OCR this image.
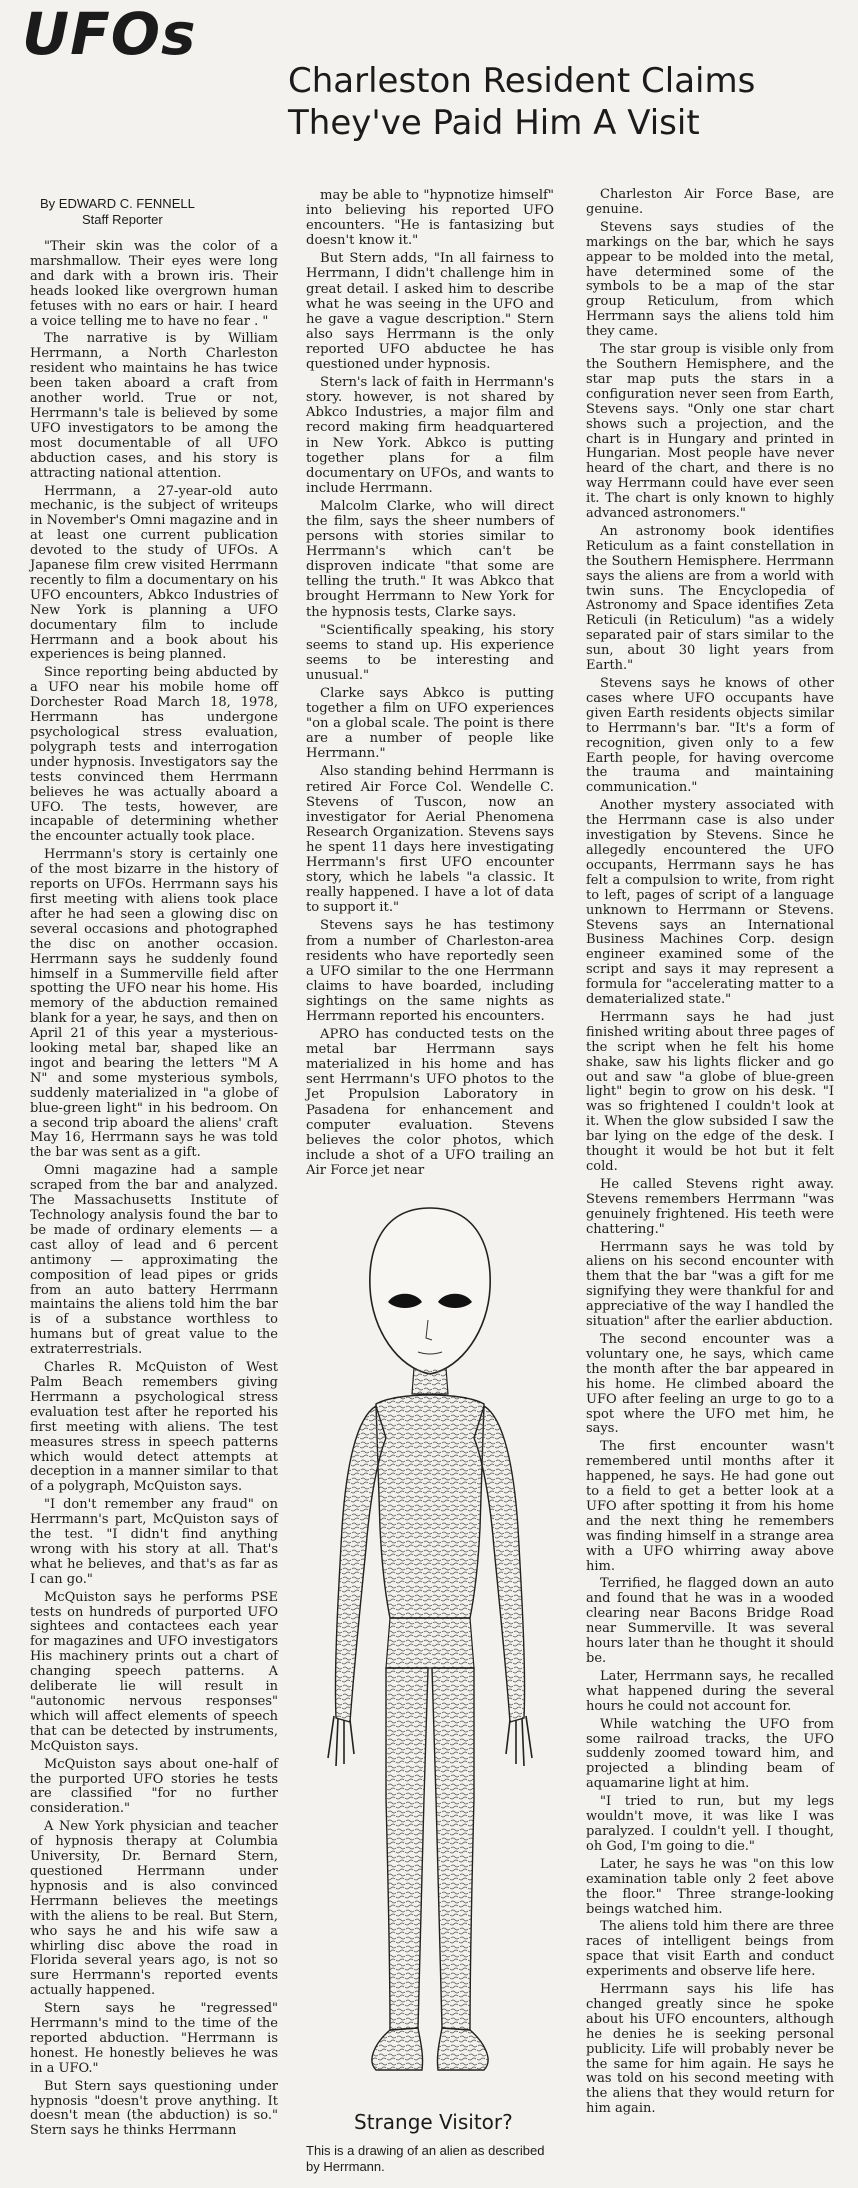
UFOs
Charleston Resident Claims
They've Paid Him A Visit
By EDWARD C. FENNELL
Staff Reporter

"Their skin was the color of a marshmallow. Their eyes were long and dark with a brown iris. Their heads looked like overgrown human fetuses with no ears or hair. I heard a voice telling me to have no fear . "

The narrative is by William Herrmann, a North Charleston resident who maintains he has twice been taken aboard a craft from another world. True or not, Herrmann's tale is believed by some UFO investigators to be among the most documentable of all UFO abduction cases, and his story is attracting national attention.

Herrmann, a 27-year-old auto mechanic, is the subject of writeups in November's Omni magazine and in at least one current publication devoted to the study of UFOs. A Japanese film crew visited Herrmann recently to film a documentary on his UFO encounters, Abkco Industries of New York is planning a UFO documentary film to include Herrmann and a book about his experiences is being planned.

Since reporting being abducted by a UFO near his mobile home off Dorchester Road March 18, 1978, Herrmann has undergone psychological stress evaluation, polygraph tests and interrogation under hypnosis. Investigators say the tests convinced them Herrmann believes he was actually aboard a UFO. The tests, however, are incapable of determining whether the encounter actually took place.

Herrmann's story is certainly one of the most bizarre in the history of reports on UFOs. Herrmann says his first meeting with aliens took place after he had seen a glowing disc on several occasions and photographed the disc on another occasion. Herrmann says he suddenly found himself in a Summerville field after spotting the UFO near his home. His memory of the abduction remained blank for a year, he says, and then on April 21 of this year a mysterious-looking metal bar, shaped like an ingot and bearing the letters "M A N" and some mysterious symbols, suddenly materialized in "a globe of blue-green light" in his bedroom. On a second trip aboard the aliens' craft May 16, Herrmann says he was told the bar was sent as a gift.

Omni magazine had a sample scraped from the bar and analyzed. The Massachusetts Institute of Technology analysis found the bar to be made of ordinary elements — a cast alloy of lead and 6 percent antimony — approximating the composition of lead pipes or grids from an auto battery Herrmann maintains the aliens told him the bar is of a substance worthless to humans but of great value to the extraterrestrials.

Charles R. McQuiston of West Palm Beach remembers giving Herrmann a psychological stress evaluation test after he reported his first meeting with aliens. The test measures stress in speech patterns which would detect attempts at deception in a manner similar to that of a polygraph, McQuiston says.

"I don't remember any fraud" on Herrmann's part, McQuiston says of the test. "I didn't find anything wrong with his story at all. That's what he believes, and that's as far as I can go."

McQuiston says he performs PSE tests on hundreds of purported UFO sightees and contactees each year for magazines and UFO investigators His machinery prints out a chart of changing speech patterns. A deliberate lie will result in "autonomic nervous responses" which will affect elements of speech that can be detected by instruments, McQuiston says.

McQuiston says about one-half of the purported UFO stories he tests are classified "for no further consideration."

A New York physician and teacher of hypnosis therapy at Columbia University, Dr. Bernard Stern, questioned Herrmann under hypnosis and is also convinced Herrmann believes the meetings with the aliens to be real. But Stern, who says he and his wife saw a whirling disc above the road in Florida several years ago, is not so sure Herrmann's reported events actually happened.

Stern says he "regressed" Herrmann's mind to the time of the reported abduction. "Herrmann is honest. He honestly believes he was in a UFO."

But Stern says questioning under hypnosis "doesn't prove anything. It doesn't mean (the abduction) is so." Stern says he thinks Herrmann

may be able to "hypnotize himself" into believing his reported UFO encounters. "He is fantasizing but doesn't know it."

But Stern adds, "In all fairness to Herrmann, I didn't challenge him in great detail. I asked him to describe what he was seeing in the UFO and he gave a vague description." Stern also says Herrmann is the only reported UFO abductee he has questioned under hypnosis.

Stern's lack of faith in Herrmann's story. however, is not shared by Abkco Industries, a major film and record making firm headquartered in New York. Abkco is putting together plans for a film documentary on UFOs, and wants to include Herrmann.

Malcolm Clarke, who will direct the film, says the sheer numbers of persons with stories similar to Herrmann's which can't be disproven indicate "that some are telling the truth." It was Abkco that brought Herrmann to New York for the hypnosis tests, Clarke says.

"Scientifically speaking, his story seems to stand up. His experience seems to be interesting and unusual."

Clarke says Abkco is putting together a film on UFO experiences "on a global scale. The point is there are a number of people like Herrmann."

Also standing behind Herrmann is retired Air Force Col. Wendelle C. Stevens of Tuscon, now an investigator for Aerial Phenomena Research Organization. Stevens says he spent 11 days here investigating Herrmann's first UFO encounter story, which he labels "a classic. It really happened. I have a lot of data to support it."

Stevens says he has testimony from a number of Charleston-area residents who have reportedly seen a UFO similar to the one Herrmann claims to have boarded, including sightings on the same nights as Herrmann reported his encounters.

APRO has conducted tests on the metal bar Herrmann says materialized in his home and has sent Herrmann's UFO photos to the Jet Propulsion Laboratory in Pasadena for enhancement and computer evaluation. Stevens believes the color photos, which include a shot of a UFO trailing an Air Force jet near

Charleston Air Force Base, are genuine.

Stevens says studies of the markings on the bar, which he says appear to be molded into the metal, have determined some of the symbols to be a map of the star group Reticulum, from which Herrmann says the aliens told him they came.

The star group is visible only from the Southern Hemisphere, and the star map puts the stars in a configuration never seen from Earth, Stevens says. "Only one star chart shows such a projection, and the chart is in Hungary and printed in Hungarian. Most people have never heard of the chart, and there is no way Herrmann could have ever seen it. The chart is only known to highly advanced astronomers."

An astronomy book identifies Reticulum as a faint constellation in the Southern Hemisphere. Herrmann says the aliens are from a world with twin suns. The Encyclopedia of Astronomy and Space identifies Zeta Reticuli (in Reticulum) "as a widely separated pair of stars similar to the sun, about 30 light years from Earth."

Stevens says he knows of other cases where UFO occupants have given Earth residents objects similar to Herrmann's bar. "It's a form of recognition, given only to a few Earth people, for having overcome the trauma and maintaining communication."

Another mystery associated with the Herrmann case is also under investigation by Stevens. Since he allegedly encountered the UFO occupants, Herrmann says he has felt a compulsion to write, from right to left, pages of script of a language unknown to Herrmann or Stevens. Stevens says an International Business Machines Corp. design engineer examined some of the script and says it may represent a formula for "accelerating matter to a dematerialized state."

Herrmann says he had just finished writing about three pages of the script when he felt his home shake, saw his lights flicker and go out and saw "a globe of blue-green light" begin to grow on his desk. "I was so frightened I couldn't look at it. When the glow subsided I saw the bar lying on the edge of the desk. I thought it would be hot but it felt cold.

He called Stevens right away. Stevens remembers Herrmann "was genuinely frightened. His teeth were chattering."

Herrmann says he was told by aliens on his second encounter with them that the bar "was a gift for me signifying they were thankful for and appreciative of the way I handled the situation" after the earlier abduction.

The second encounter was a voluntary one, he says, which came the month after the bar appeared in his home. He climbed aboard the UFO after feeling an urge to go to a spot where the UFO met him, he says.

The first encounter wasn't remembered until months after it happened, he says. He had gone out to a field to get a better look at a UFO after spotting it from his home and the next thing he remembers was finding himself in a strange area with a UFO whirring away above him.

Terrified, he flagged down an auto and found that he was in a wooded clearing near Bacons Bridge Road near Summerville. It was several hours later than he thought it should be.

Later, Herrmann says, he recalled what happened during the several hours he could not account for.

While watching the UFO from some railroad tracks, the UFO suddenly zoomed toward him, and projected a blinding beam of aquamarine light at him.

"I tried to run, but my legs wouldn't move, it was like I was paralyzed. I couldn't yell. I thought, oh God, I'm going to die."

Later, he says he was "on this low examination table only 2 feet above the floor." Three strange-looking beings watched him.

The aliens told him there are three races of intelligent beings from space that visit Earth and conduct experiments and observe life here.

Herrmann says his life has changed greatly since he spoke about his UFO encounters, although he denies he is seeking personal publicity. Life will probably never be the same for him again. He says he was told on his second meeting with the aliens that they would return for him again.

Strange Visitor?
This is a drawing of an alien as described by Herrmann.
